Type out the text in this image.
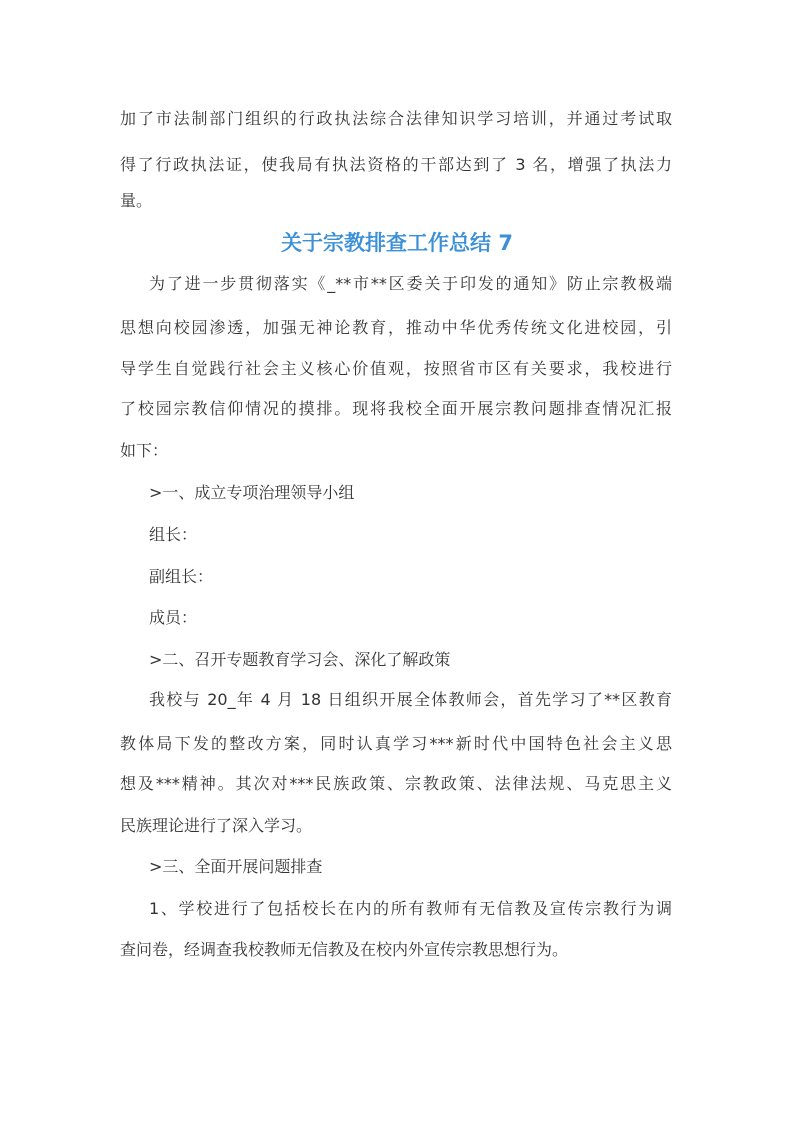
加了市法制部门组织的行政执法综合法律知识学习培训，并通过考试取

得了行政执法证，使我局有执法资格的干部达到了 3 名，增强了执法力

量。

关于宗教排查工作总结 7

为了进一步贯彻落实《_**市**区委关于印发的通知》防止宗教极端

思想向校园渗透，加强无神论教育，推动中华优秀传统文化进校园，引

导学生自觉践行社会主义核心价值观，按照省市区有关要求，我校进行

了校园宗教信仰情况的摸排。现将我校全面开展宗教问题排查情况汇报

如下：

>一、成立专项治理领导小组

组长：

副组长：

成员：

>二、召开专题教育学习会、深化了解政策

我校与 20_年 4 月 18 日组织开展全体教师会，首先学习了**区教育

教体局下发的整改方案，同时认真学习***新时代中国特色社会主义思

想及***精神。其次对***民族政策、宗教政策、法律法规、马克思主义

民族理论进行了深入学习。

>三、全面开展问题排查

1、学校进行了包括校长在内的所有教师有无信教及宣传宗教行为调

查问卷，经调查我校教师无信教及在校内外宣传宗教思想行为。
